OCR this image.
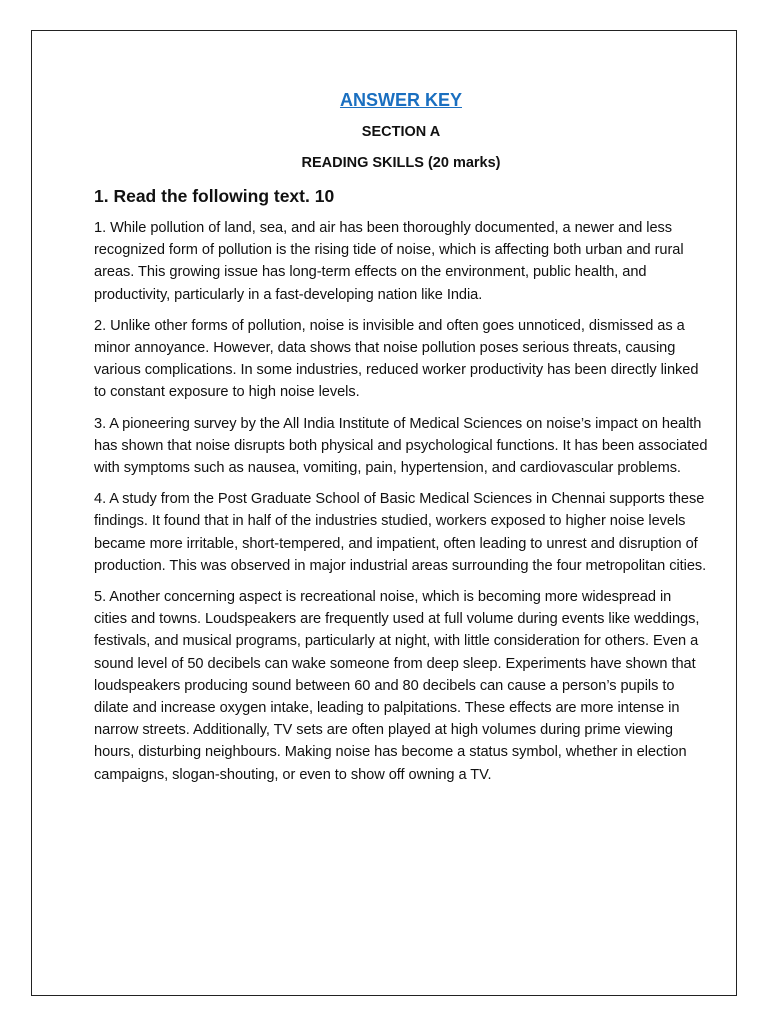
ANSWER KEY
SECTION A
READING SKILLS (20 marks)
1. Read the following text. 10

1. While pollution of land, sea, and air has been thoroughly documented, a newer and less recognized form of pollution is the rising tide of noise, which is affecting both urban and rural areas. This growing issue has long-term effects on the environment, public health, and productivity, particularly in a fast-developing nation like India.

2. Unlike other forms of pollution, noise is invisible and often goes unnoticed, dismissed as a minor annoyance. However, data shows that noise pollution poses serious threats, causing various complications. In some industries, reduced worker productivity has been directly linked to constant exposure to high noise levels.

3. A pioneering survey by the All India Institute of Medical Sciences on noise’s impact on health has shown that noise disrupts both physical and psychological functions. It has been associated with symptoms such as nausea, vomiting, pain, hypertension, and cardiovascular problems.

4. A study from the Post Graduate School of Basic Medical Sciences in Chennai supports these findings. It found that in half of the industries studied, workers exposed to higher noise levels became more irritable, short-tempered, and impatient, often leading to unrest and disruption of production. This was observed in major industrial areas surrounding the four metropolitan cities.

5. Another concerning aspect is recreational noise, which is becoming more widespread in cities and towns. Loudspeakers are frequently used at full volume during events like weddings, festivals, and musical programs, particularly at night, with little consideration for others. Even a sound level of 50 decibels can wake someone from deep sleep. Experiments have shown that loudspeakers producing sound between 60 and 80 decibels can cause a person’s pupils to dilate and increase oxygen intake, leading to palpitations. These effects are more intense in narrow streets. Additionally, TV sets are often played at high volumes during prime viewing hours, disturbing neighbours. Making noise has become a status symbol, whether in election campaigns, slogan-shouting, or even to show off owning a TV.
